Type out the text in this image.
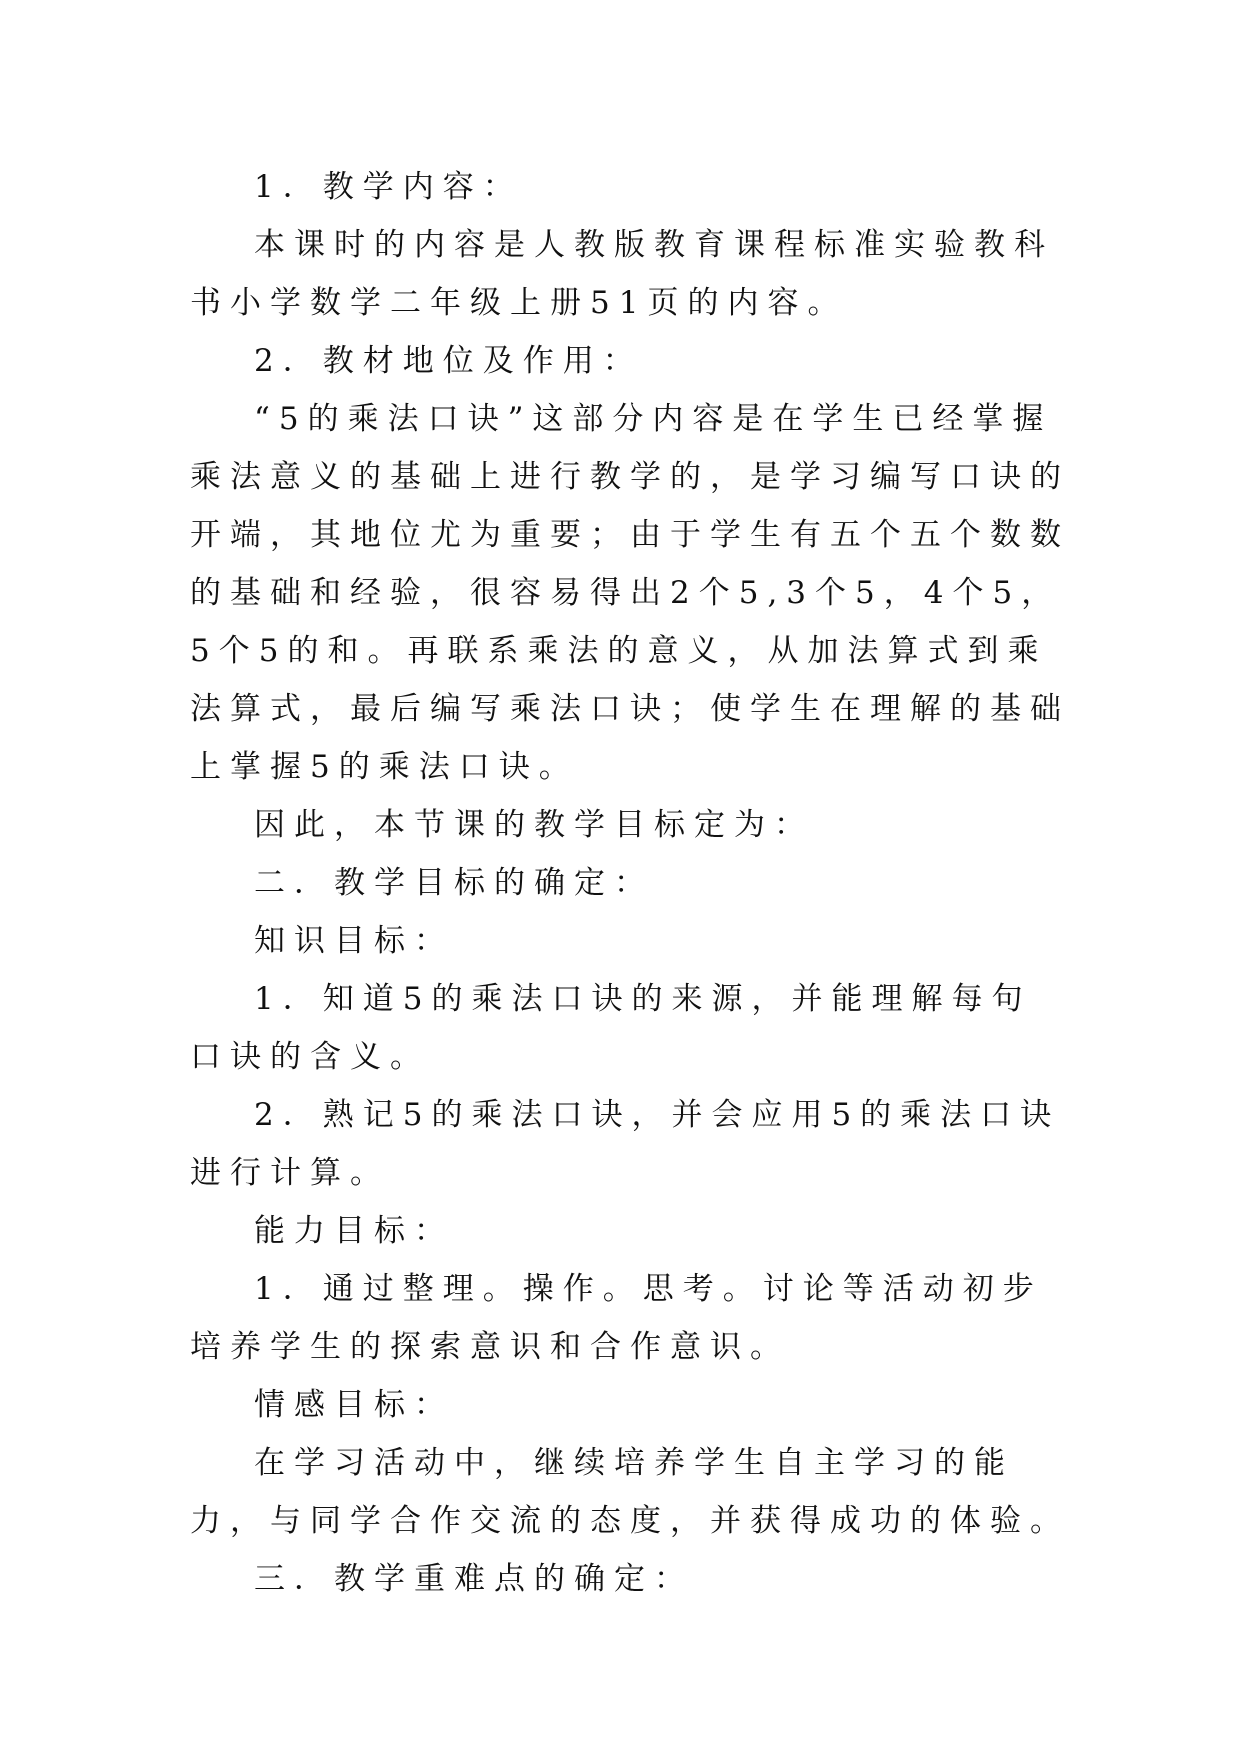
1．教学内容：

本课时的内容是人教版教育课程标准实验教科书小学数学二年级上册51页的内容。

2．教材地位及作用：

“5的乘法口诀”这部分内容是在学生已经掌握乘法意义的基础上进行教学的，是学习编写口诀的开端，其地位尤为重要；由于学生有五个五个数数的基础和经验，很容易得出2个5,3个5，4个5，5个5的和。再联系乘法的意义，从加法算式到乘法算式，最后编写乘法口诀；使学生在理解的基础上掌握5的乘法口诀。

因此，本节课的教学目标定为：

二．教学目标的确定：

知识目标：

1．知道5的乘法口诀的来源，并能理解每句口诀的含义。

2．熟记5的乘法口诀，并会应用5的乘法口诀进行计算。

能力目标：

1．通过整理。操作。思考。讨论等活动初步培养学生的探索意识和合作意识。

情感目标：

在学习活动中，继续培养学生自主学习的能力，与同学合作交流的态度，并获得成功的体验。

三．教学重难点的确定：
